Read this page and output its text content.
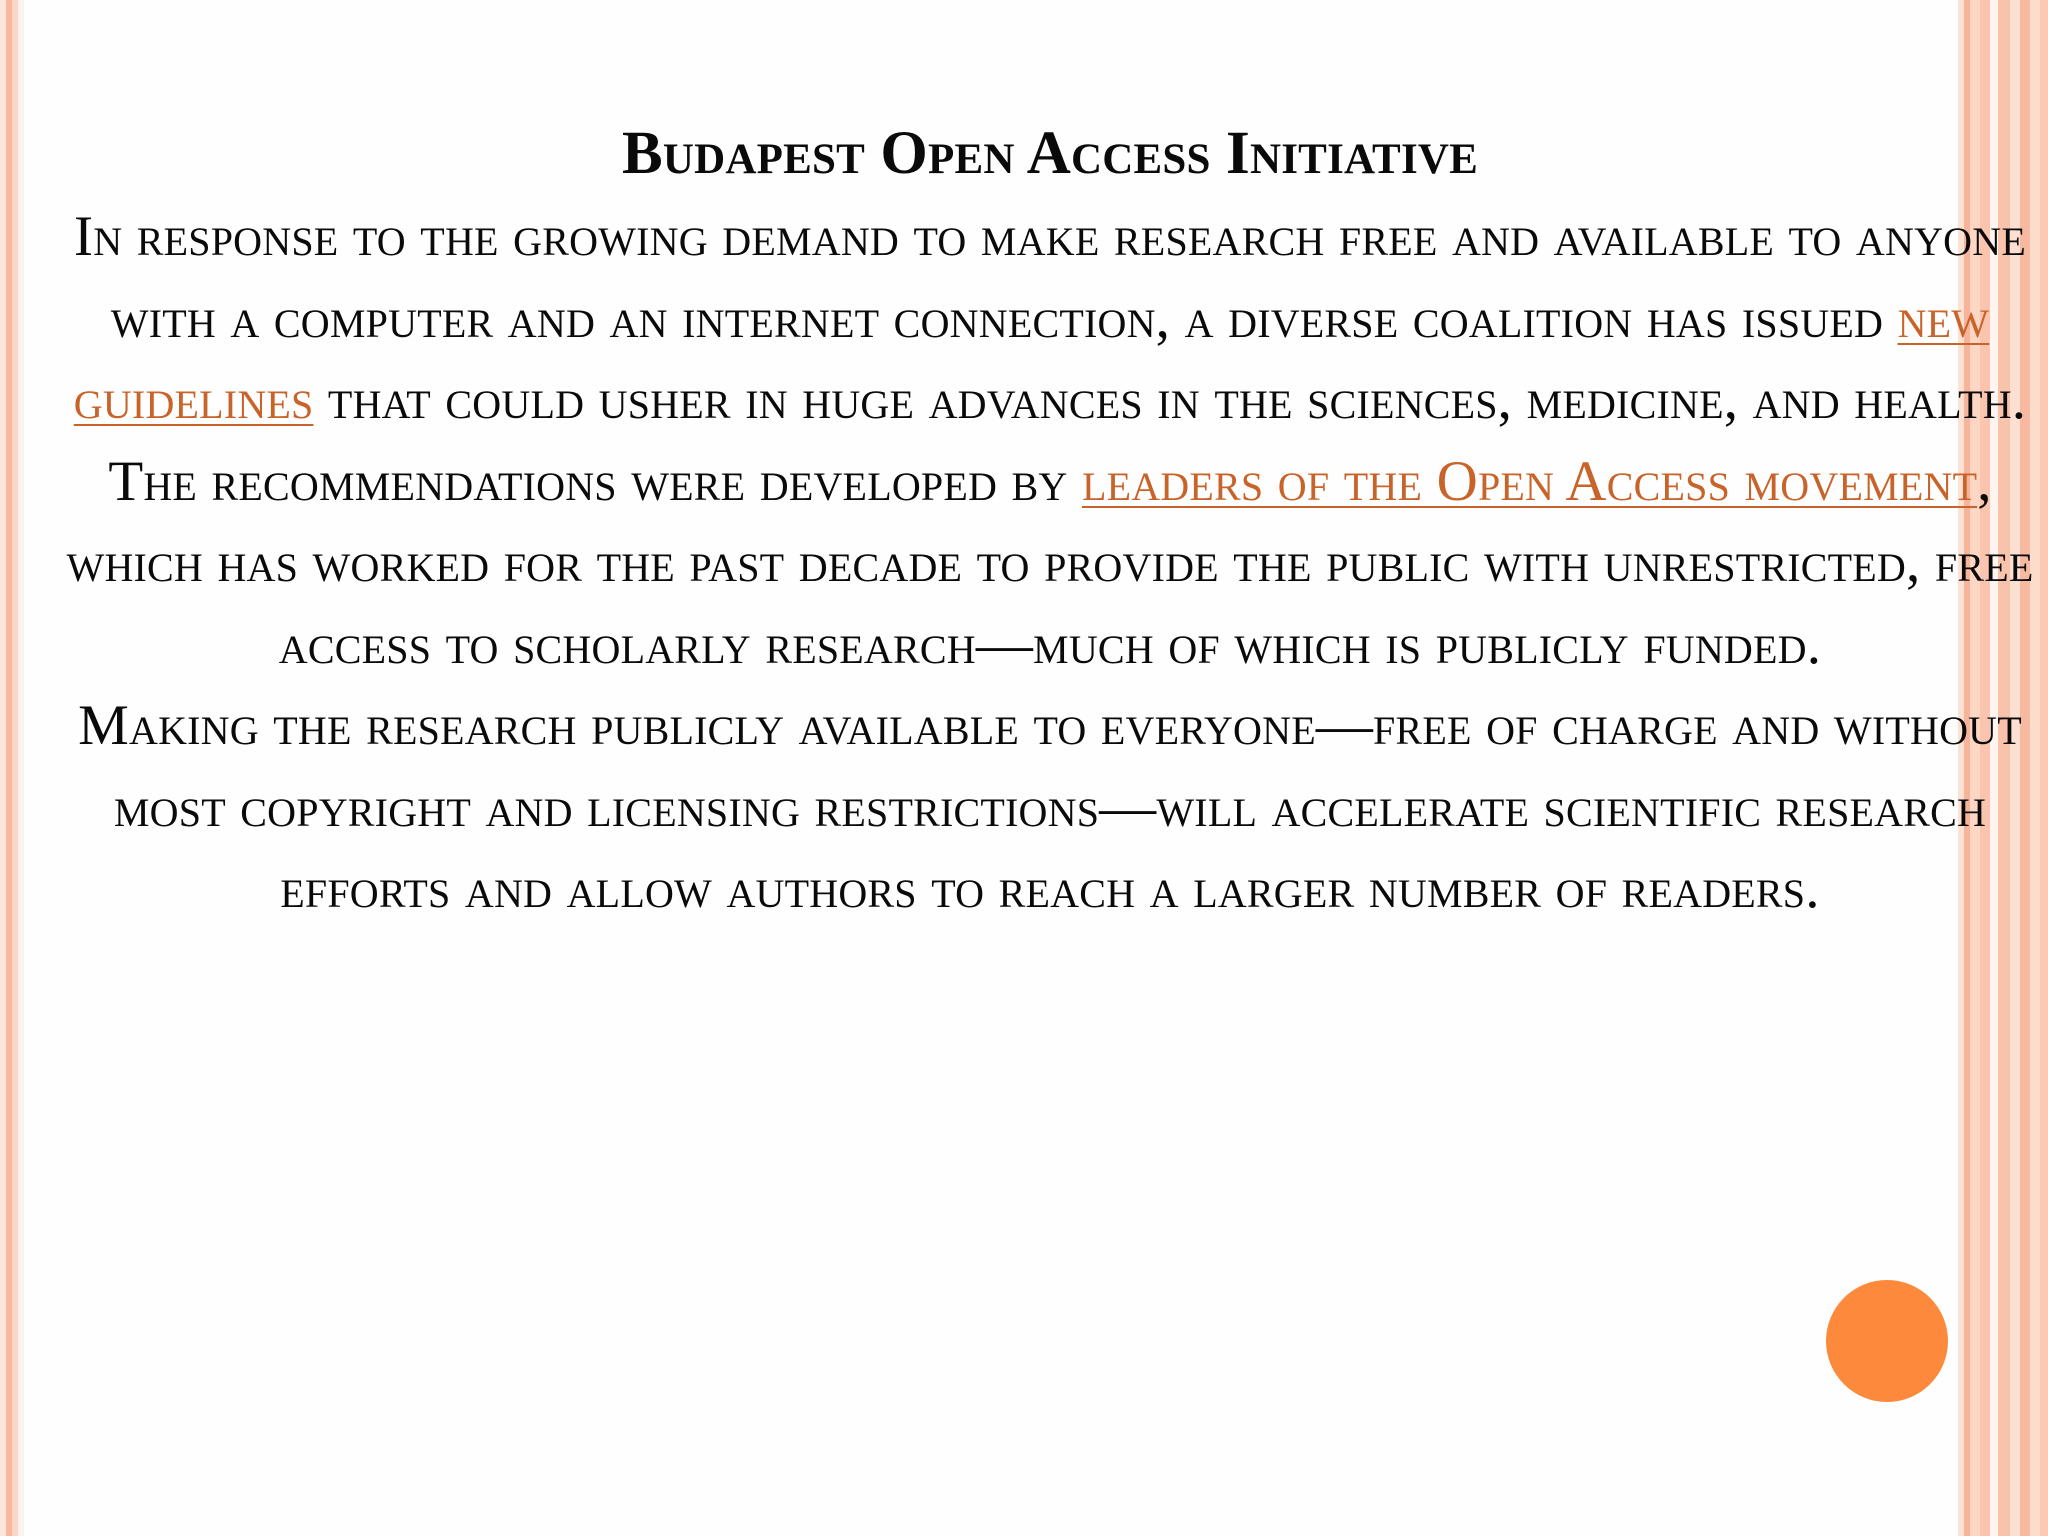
Budapest Open Access Initiative

In response to the growing demand to make research free and available to anyone with a computer and an internet connection, a diverse coalition has issued new guidelines that could usher in huge advances in the sciences, medicine, and health.

The recommendations were developed by leaders of the Open Access movement, which has worked for the past decade to provide the public with unrestricted, free access to scholarly research—much of which is publicly funded.

Making the research publicly available to everyone—free of charge and without most copyright and licensing restrictions—will accelerate scientific research efforts and allow authors to reach a larger number of readers.
